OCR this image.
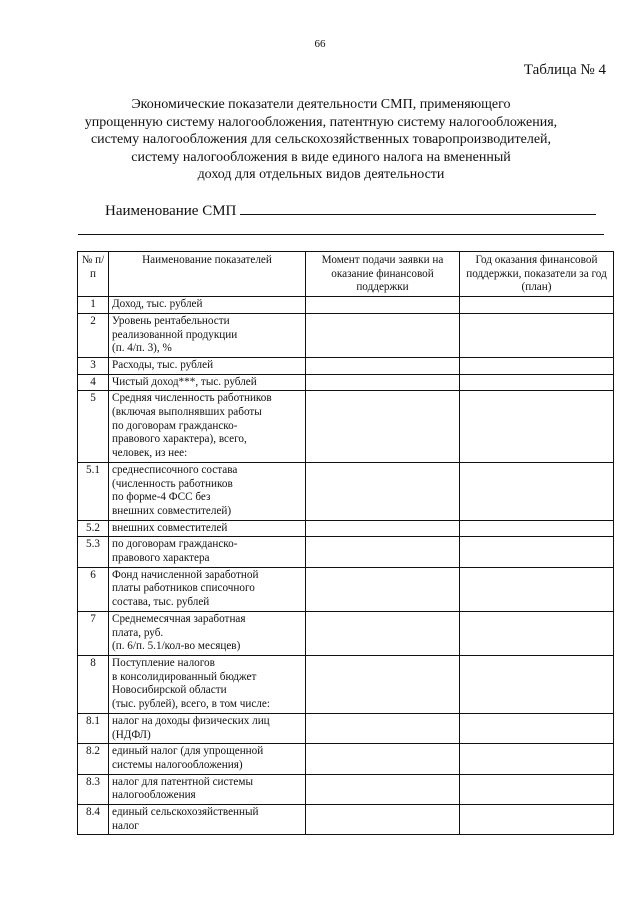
66
Таблица № 4
Экономические показатели деятельности СМП, применяющего
упрощенную систему налогообложения, патентную систему налогообложения,
систему налогообложения для сельскохозяйственных товаропроизводителей,
систему налогообложения в виде единого налога на вмененный
доход для отдельных видов деятельности
Наименование СМП
№ п/п	Наименование показателей	Момент подачи заявки на оказание финансовой поддержки	Год оказания финансовой поддержки, показатели за год (план)
1	Доход, тыс. рублей		

2	Уровень рентабельности
реализованной продукции
(п. 4/п. 3), %		

3	Расходы, тыс. рублей		

4	Чистый доход***, тыс. рублей		

5	Средняя численность работников
(включая выполнявших работы
по договорам гражданско-
правового характера), всего,
человек, из нее:		

5.1	среднесписочного состава
(численность работников
по форме-4 ФСС без
внешних совместителей)		

5.2	внешних совместителей		

5.3	по договорам гражданско-
правового характера		

6	Фонд начисленной заработной
платы работников списочного
состава, тыс. рублей		

7	Среднемесячная заработная
плата, руб.
(п. 6/п. 5.1/кол-во месяцев)		

8	Поступление налогов
в консолидированный бюджет
Новосибирской области
(тыс. рублей), всего, в том числе:		

8.1	налог на доходы физических лиц
(НДФЛ)		

8.2	единый налог (для упрощенной
системы налогообложения)		

8.3	налог для патентной системы
налогообложения		

8.4	единый сельскохозяйственный
налог		
